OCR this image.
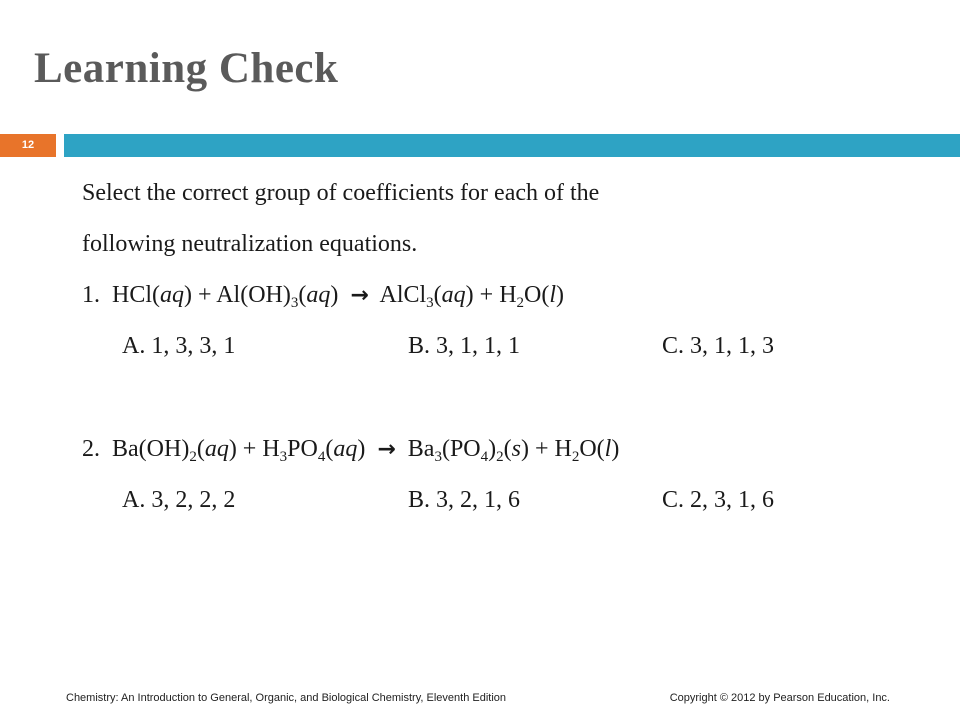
Learning Check
12
Select the correct group of coefficients for each of the
following neutralization equations.
1. $HCl(aq) + Al(OH)_3(aq)$ → AlCl$_3$(aq) + $H_2O(l)$
A. 1, 3, 3, 1	B. 3, 1, 1, 1	C. 3, 1, 1, 3
2. $Ba(OH)_2(aq) + H_3PO_4(aq) \to Ba_3(PO_4)_2(s) + H_2O(l)$
A. 3, 2, 2, 2	B. 3, 2, 1, 6	C. 2, 3, 1, 6
Chemistry: An Introduction to General, Organic, and Biological Chemistry, Eleventh Edition	Copyright © 2012 by Pearson Education, Inc.
